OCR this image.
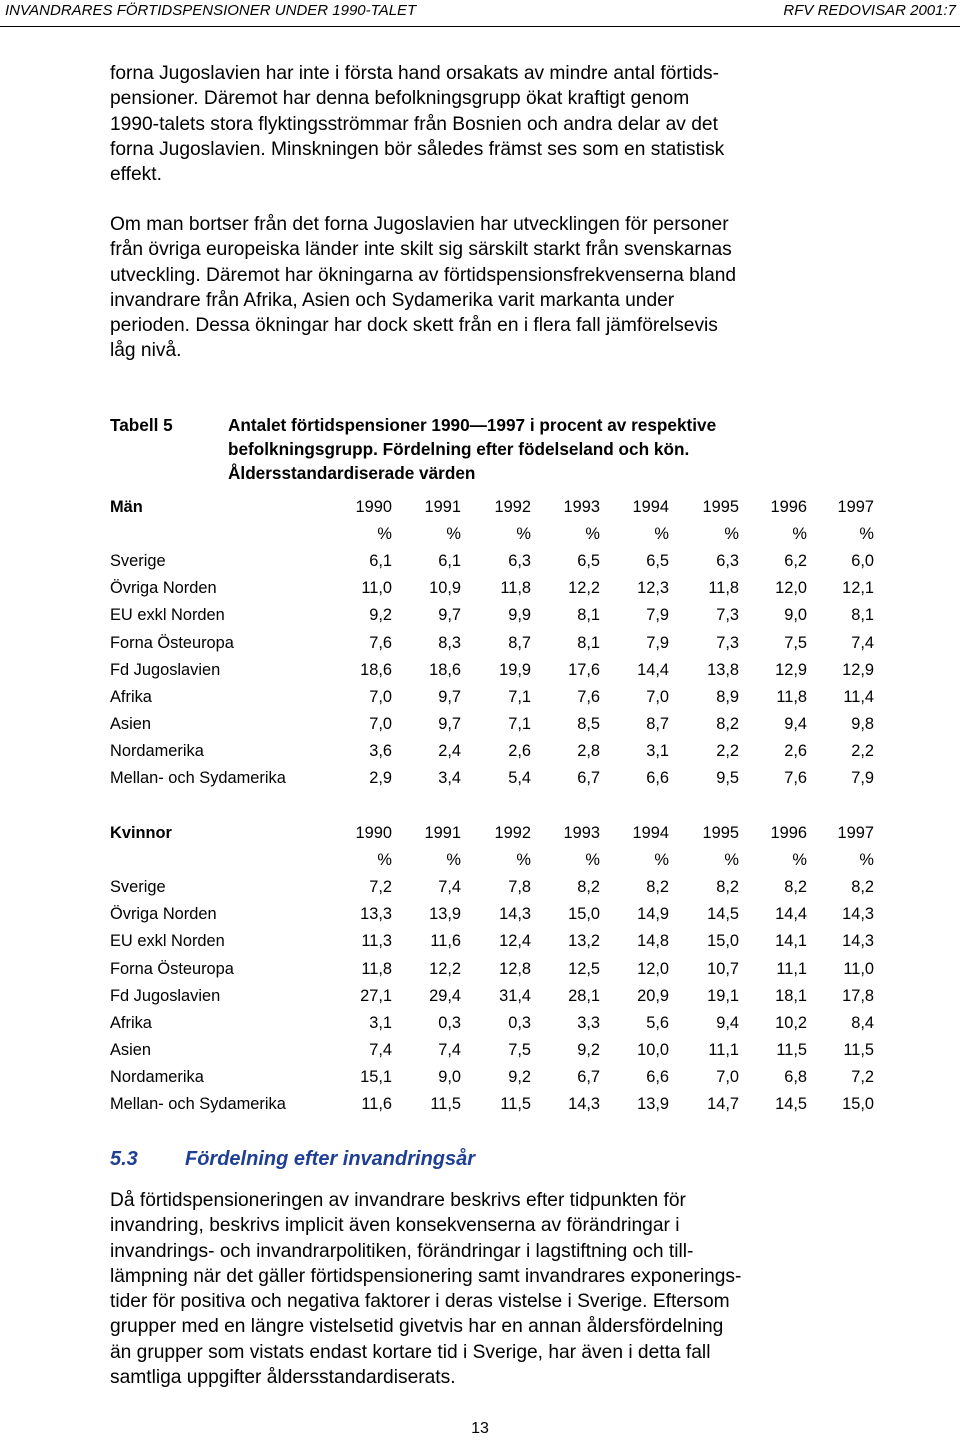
INVANDRARES FÖRTIDSPENSIONER UNDER 1990-TALET	RFV REDOVISAR 2001:7
forna Jugoslavien har inte i första hand orsakats av mindre antal förtids-
pensioner. Däremot har denna befolkningsgrupp ökat kraftigt genom
1990-talets stora flyktingsströmmar från Bosnien och andra delar av det
forna Jugoslavien. Minskningen bör således främst ses som en statistisk
effekt.
Om man bortser från det forna Jugoslavien har utvecklingen för personer
från övriga europeiska länder inte skilt sig särskilt starkt från svenskarnas
utveckling. Däremot har ökningarna av förtidspensionsfrekvenserna bland
invandrare från Afrika, Asien och Sydamerika varit markanta under
perioden. Dessa ökningar har dock skett från en i flera fall jämförelsevis
låg nivå.
Tabell 5	Antalet förtidspensioner 1990—1997 i procent av respektive
befolkningsgrupp. Fördelning efter födelseland och kön.
Åldersstandardiserade värden
Män	1990	1991	1992	1993	1994	1995	1996	1997
%	%	%	%	%	%	%	%
Sverige	6,1	6,1	6,3	6,5	6,5	6,3	6,2	6,0
Övriga Norden	11,0	10,9	11,8	12,2	12,3	11,8	12,0	12,1
EU exkl Norden	9,2	9,7	9,9	8,1	7,9	7,3	9,0	8,1
Forna Östeuropa	7,6	8,3	8,7	8,1	7,9	7,3	7,5	7,4
Fd Jugoslavien	18,6	18,6	19,9	17,6	14,4	13,8	12,9	12,9
Afrika	7,0	9,7	7,1	7,6	7,0	8,9	11,8	11,4
Asien	7,0	9,7	7,1	8,5	8,7	8,2	9,4	9,8
Nordamerika	3,6	2,4	2,6	2,8	3,1	2,2	2,6	2,2
Mellan- och Sydamerika	2,9	3,4	5,4	6,7	6,6	9,5	7,6	7,9
Kvinnor	1990	1991	1992	1993	1994	1995	1996	1997
%	%	%	%	%	%	%	%
Sverige	7,2	7,4	7,8	8,2	8,2	8,2	8,2	8,2
Övriga Norden	13,3	13,9	14,3	15,0	14,9	14,5	14,4	14,3
EU exkl Norden	11,3	11,6	12,4	13,2	14,8	15,0	14,1	14,3
Forna Östeuropa	11,8	12,2	12,8	12,5	12,0	10,7	11,1	11,0
Fd Jugoslavien	27,1	29,4	31,4	28,1	20,9	19,1	18,1	17,8
Afrika	3,1	0,3	0,3	3,3	5,6	9,4	10,2	8,4
Asien	7,4	7,4	7,5	9,2	10,0	11,1	11,5	11,5
Nordamerika	15,1	9,0	9,2	6,7	6,6	7,0	6,8	7,2
Mellan- och Sydamerika	11,6	11,5	11,5	14,3	13,9	14,7	14,5	15,0
5.3 Fördelning efter invandringsår
Då förtidspensioneringen av invandrare beskrivs efter tidpunkten för
invandring, beskrivs implicit även konsekvenserna av förändringar i
invandrings- och invandrarpolitiken, förändringar i lagstiftning och till-
lämpning när det gäller förtidspensionering samt invandrares exponerings-
tider för positiva och negativa faktorer i deras vistelse i Sverige. Eftersom
grupper med en längre vistelsetid givetvis har en annan åldersfördelning
än grupper som vistats endast kortare tid i Sverige, har även i detta fall
samtliga uppgifter åldersstandardiserats.
13
